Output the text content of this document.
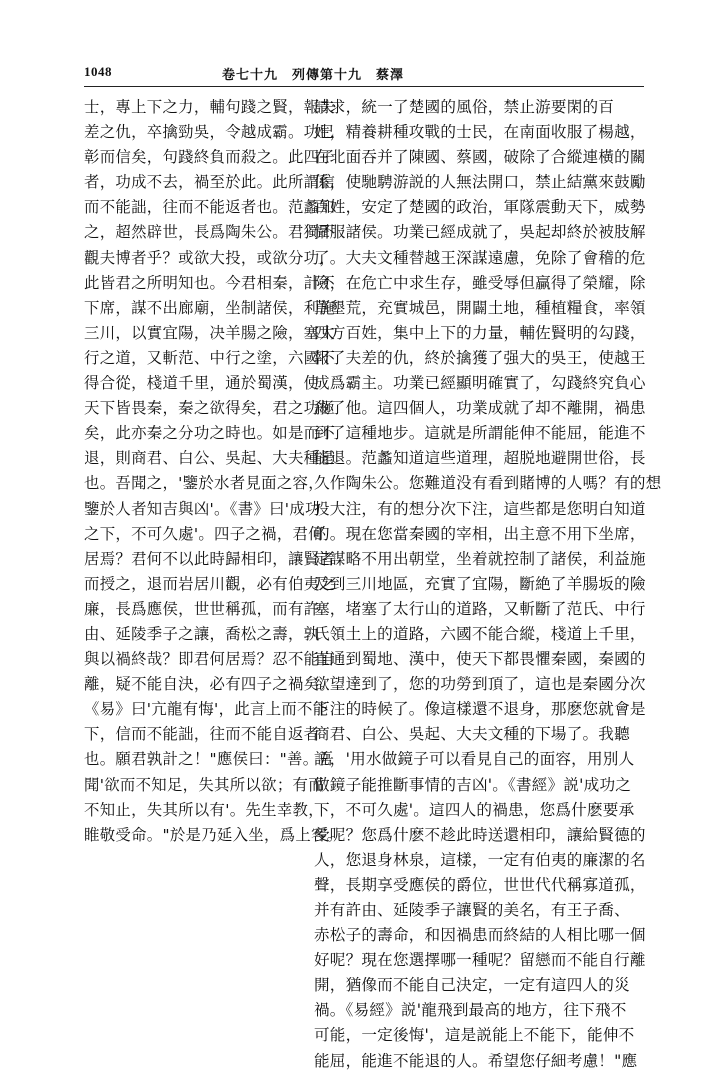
1048	卷七十九　列傳第十九　蔡澤
士，專上下之力，輔句踐之賢，報夫
差之仇，卒擒勁吳，令越成霸。功已
彰而信矣，句踐終負而殺之。此四子
者，功成不去，禍至於此。此所謂信
而不能詘，往而不能返者也。范蠡知
之，超然辟世，長爲陶朱公。君獨不
觀夫博者乎？或欲大投，或欲分功，
此皆君之所明知也。今君相秦，計不
下席，謀不出廊廟，坐制諸侯，利施
三川，以實宜陽，决羊腸之險，塞太
行之道，又斬范、中行之塗，六國不
得合從，棧道千里，通於蜀漢，使
天下皆畏秦，秦之欲得矣，君之功極
矣，此亦秦之分功之時也。如是而不
退，則商君、白公、吳起、大夫種是
也。吾聞之，'鑒於水者見面之容，
鑒於人者知吉與凶'。《書》曰'成功
之下，不可久處'。四子之禍，君何
居焉？君何不以此時歸相印，讓賢者
而授之，退而岩居川觀，必有伯夷之
廉，長爲應侯，世世稱孤，而有許
由、延陵季子之讓，喬松之壽，孰
與以禍終哉？即君何居焉？忍不能自
離，疑不能自決，必有四子之禍矣。
《易》曰'亢龍有悔'，此言上而不能
下，信而不能詘，往而不能自返者
也。願君孰計之！"應侯曰："善。吾
聞'欲而不知足，失其所以欲；有而
不知止，失其所以有'。先生幸教，
睢敬受命。"於是乃延入坐，爲上客。
請求，統一了楚國的風俗，禁止游要閑的百
姓，精養耕種攻戰的士民，在南面收服了楊越，
在北面吞并了陳國、蔡國，破除了合縱連橫的關
係，使馳騁游説的人無法開口，禁止結黨來鼓勵
百姓，安定了楚國的政治，軍隊震動天下，威勢
懾服諸侯。功業已經成就了，吳起却終於被肢解
了。大夫文種替越王深謀遠慮，免除了會稽的危
險，在危亡中求生存，雖受辱但贏得了榮耀，除
草墾荒，充實城邑，開闢土地，種植糧食，率領
四方百姓，集中上下的力量，輔佐賢明的勾踐，
報了夫差的仇，終於擒獲了强大的吳王，使越王
成爲霸主。功業已經顯明確實了，勾踐終究負心
殺了他。這四個人，功業成就了却不離開，禍患
到了這種地步。這就是所謂能伸不能屈，能進不
能退。范蠡知道這些道理，超脱地避開世俗，長
久作陶朱公。您難道没有看到賭博的人嗎？有的想
投大注，有的想分次下注，這些都是您明白知道
的。現在您當秦國的宰相，出主意不用下坐席，
定謀略不用出朝堂，坐着就控制了諸侯，利益施
及到三川地區，充實了宜陽，斷絶了羊腸坂的險
塞，堵塞了太行山的道路，又斬斷了范氏、中行
氏領土上的道路，六國不能合縱，棧道上千里，
直通到蜀地、漢中，使天下都畏懼秦國，秦國的
欲望達到了，您的功勞到頂了，這也是秦國分次
下注的時候了。像這樣還不退身，那麽您就會是
商君、白公、吳起、大夫文種的下場了。我聽
説，'用水做鏡子可以看見自己的面容，用別人
做鏡子能推斷事情的吉凶'。《書經》説'成功之
下，不可久處'。這四人的禍患，您爲什麽要承
受呢？您爲什麽不趁此時送還相印，讓給賢德的
人，您退身林泉，這樣，一定有伯夷的廉潔的名
聲，長期享受應侯的爵位，世世代代稱寡道孤，
并有許由、延陵季子讓賢的美名，有王子喬、
赤松子的壽命，和因禍患而終結的人相比哪一個
好呢？現在您選擇哪一種呢？留戀而不能自行離
開，猶像而不能自己決定，一定有這四人的災
禍。《易經》説'龍飛到最高的地方，往下飛不
可能，一定後悔'，這是説能上不能下，能伸不
能屈，能進不能退的人。希望您仔細考慮！"應
